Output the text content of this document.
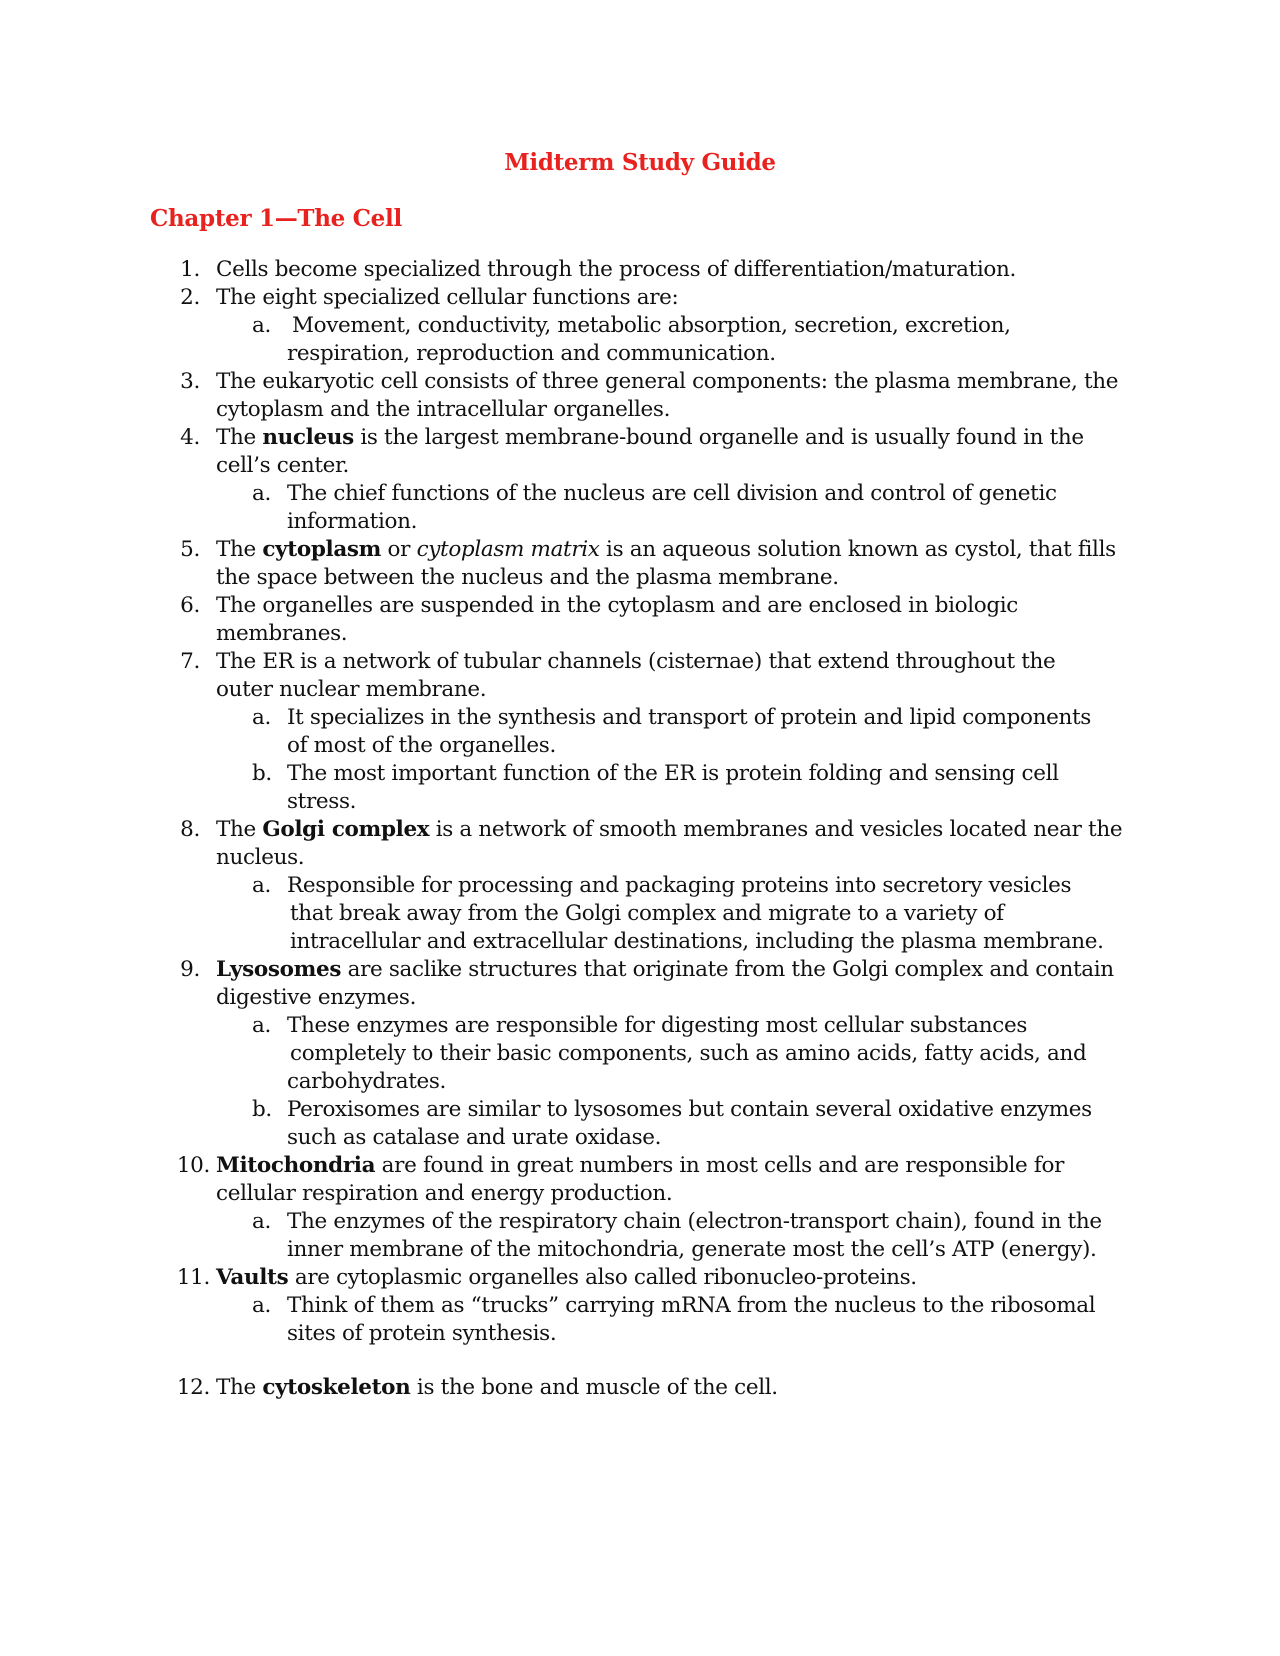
Midterm Study Guide
Chapter 1—The Cell
1. Cells become specialized through the process of differentiation/maturation.
2. The eight specialized cellular functions are:
a. Movement, conductivity, metabolic absorption, secretion, excretion,
respiration, reproduction and communication.
3. The eukaryotic cell consists of three general components: the plasma membrane, the
cytoplasm and the intracellular organelles.
4. The nucleus is the largest membrane-bound organelle and is usually found in the
cell’s center.
a. The chief functions of the nucleus are cell division and control of genetic
information.
5. The cytoplasm or cytoplasm matrix is an aqueous solution known as cystol, that fills
the space between the nucleus and the plasma membrane.
6. The organelles are suspended in the cytoplasm and are enclosed in biologic
membranes.
7. The ER is a network of tubular channels (cisternae) that extend throughout the
outer nuclear membrane.
a. It specializes in the synthesis and transport of protein and lipid components
of most of the organelles.
b. The most important function of the ER is protein folding and sensing cell
stress.
8. The Golgi complex is a network of smooth membranes and vesicles located near the
nucleus.
a. Responsible for processing and packaging proteins into secretory vesicles
that break away from the Golgi complex and migrate to a variety of
intracellular and extracellular destinations, including the plasma membrane.
9. Lysosomes are saclike structures that originate from the Golgi complex and contain
digestive enzymes.
a. These enzymes are responsible for digesting most cellular substances
completely to their basic components, such as amino acids, fatty acids, and
carbohydrates.
b. Peroxisomes are similar to lysosomes but contain several oxidative enzymes
such as catalase and urate oxidase.
10. Mitochondria are found in great numbers in most cells and are responsible for
cellular respiration and energy production.
a. The enzymes of the respiratory chain (electron-transport chain), found in the
inner membrane of the mitochondria, generate most the cell’s ATP (energy).
11. Vaults are cytoplasmic organelles also called ribonucleo-proteins.
a. Think of them as “trucks” carrying mRNA from the nucleus to the ribosomal
sites of protein synthesis.
12. The cytoskeleton is the bone and muscle of the cell.
